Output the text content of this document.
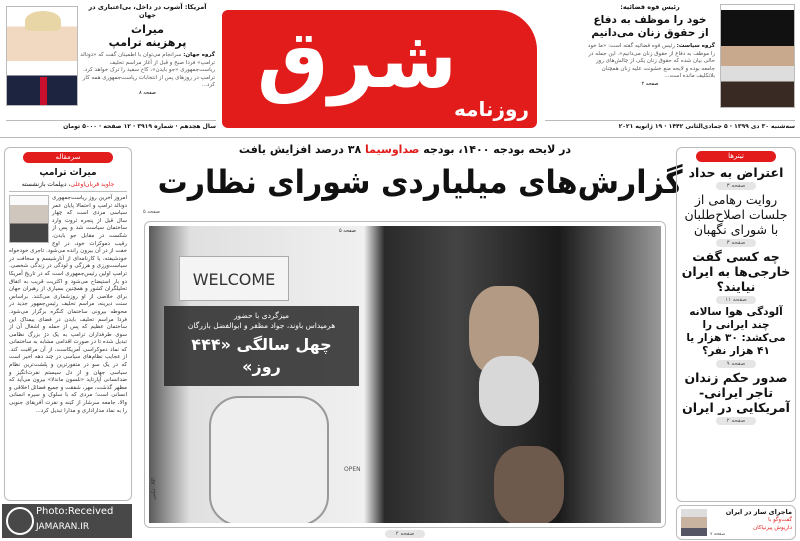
آمریکا: آشوب در داخل، بی‌اعتباری در جهان
میراث
پرهزینه ترامپ
گروه جهان: سرانجام می‌توان با اطمینان گفت که «دونالد ترامپ» فردا صبح و قبل از آغاز مراسم تحلیف ریاست‌جمهوری «جو بایدن»، کاخ سفید را ترک خواهد کرد. ترامپ در روزهای پس از انتخابات ریاست‌جمهوری همه کار کرد...
صفحه ۸
سال هجدهم · شماره ۳۹۱۹ · ۱۲ صفحه · ۵۰۰۰ تومان
شرق
روزنامه
رئیس قوه قضائیه:
خود را موظف به دفاع
از حقوق زنان می‌دانیم
گروه سیاست: رئیس قوه قضائیه گفته است: «ما خود را موظف به دفاع از حقوق زنان می‌دانیم». این جمله در حالی بیان شده که حقوق زنان یکی از چالش‌های روز جامعه بوده و لایحه منع خشونت علیه زنان همچنان بلاتکلیف مانده است...
صفحه ۲
سه‌شنبه ۳۰ دی ۱۳۹۹ · ۵ جمادی‌الثانی ۱۴۴۲ · ۱۹ ژانویه ۲۰۲۱
در لایحه بودجه ۱۴۰۰، بودجه صداوسیما ۳۸ درصد افزایش یافت
گزارش‌های میلیاردی شورای نظارت
صفحه ۵
WELCOME
OPEN
میزگردی با حضور
هرمیداس باوند، جواد مظفر و ابوالفضل بازرگان
چهل سالگی «۴۴۴ روز»
صفحه ۵
عکس: AP
صفحه ۲
سرمقاله
میراث ترامپ
جاوید قربان‌اوغلی، دیپلمات بازنشسته
امروز آخرین روز ریاست‌جمهوری دونالد ترامپ و احتمالا پایان عمر سیاسی مردی است که چهار سال قبل از پنجره ثروت وارد ساختمان سیاست شد و پس از شکست در مقابل جو بایدن، رقیب دموکرات خود، در اوج خفت از در آن بیرون رانده می‌شود. تاجری خودخواه خودشیفته، با کارنامه‌ای از آنارشیسم و سخافت در سیاست‌ورزی و هرزگی و لودگی در زندگی شخصی. ترامپ اولین رئیس‌جمهوری است که در تاریخ آمریکا دو بار استیضاح می‌شود و اکثریت قریب به اتفاق تحلیلگران کشور و همچنین بسیاری از رهبران جهان برای خلاصی از او روزشماری می‌کنند. براساس سنت دیرینه، مراسم تحلیف رئیس‌جمهور جدید در محوطه بیرونی ساختمان کنگره برگزار می‌شود. فردا مراسم تحلیف بایدن در فضای بیمناک این ساختمان عظیم که پس از حمله و اشغال آن از سوی طرفداران ترامپ به یک دژ بزرگ نظامی تبدیل شده تا در صورت اقدامی مشابه به ساختمانی که نماد دموکراسی آمریکاست، از آن مراقبت کند. از عجایب نظام‌های سیاسی در چند دهه اخیر است که در یک سو در متفورترین و پلشت‌ترین نظام سیاسی جهان و از دل سیستم نفرت‌انگیز و ضدانسانی آپارتاید «نلسون ماندلا» بیرون می‌آید که مظهر گذشت، مهر، شفقت و جمیع فضائل اخلاقی و انسانی است؛ مردی که با سلوک و سیره انسانی والا، جامعه سرشار از کینه و نفرت آفریقای جنوبی را به نماد مداراداری و مدارا تبدیل کرد...
Photo:Received
JAMARAN.IR
تیترها
اعتراض به حداد
صفحه ۳
روایت رهامی از جلسات اصلاح‌طلبان با شورای نگهبان
صفحه ۳
چه کسی گفت خارجی‌ها به ایران نیایند؟
صفحه ۱۱
آلودگی هوا سالانه چند ایرانی را می‌کشد: ۳۰ هزار یا ۴۱ هزار نفر؟
صفحه ۹
صدور حکم زندان تاجر ایرانی-آمریکایی در ایران
صفحه ۲
ماجرای ساز در ایران
گفت‌وگو با
داریوش پیرنیاکان
صفحه ۷
